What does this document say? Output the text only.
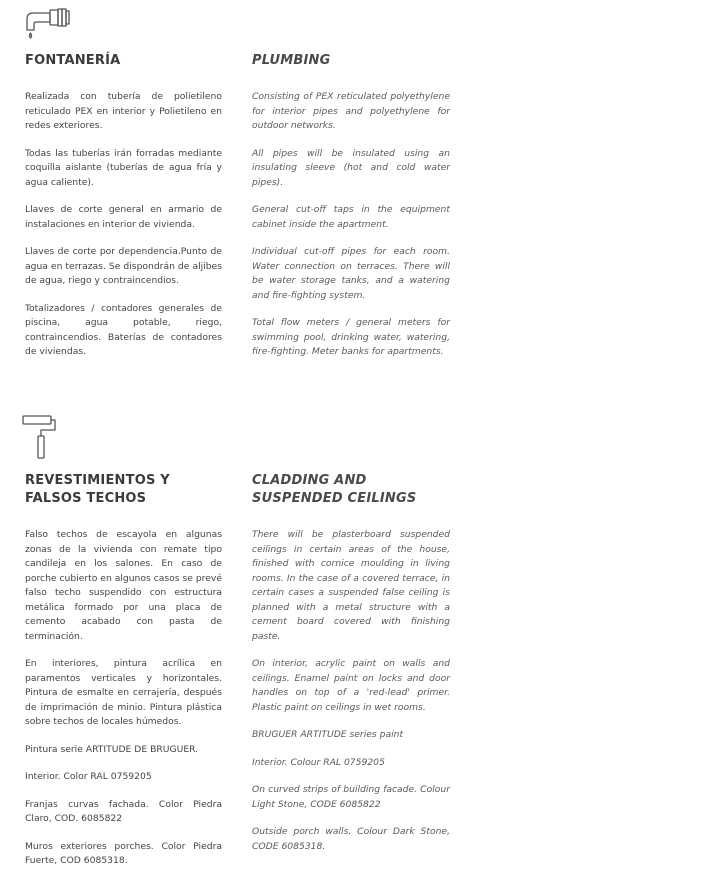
FONTANERÍA

Realizada con tubería de polietileno reticulado PEX en interior y Polietileno en redes exteriores.

Todas las tuberías irán forradas mediante coquilla aislante (tuberías de agua fría y agua caliente).

Llaves de corte general en armario de instalaciones en interior de vivienda.

Llaves de corte por dependencia.Punto de agua en terrazas. Se dispondrán de aljibes de agua, riego y contraincendios.

Totalizadores / contadores generales de piscina, agua potable, riego, contraincendios. Baterías de contadores de viviendas.

PLUMBING

Consisting of PEX reticulated polyethylene for interior pipes and polyethylene for outdoor networks.

All pipes will be insulated using an insulating sleeve (hot and cold water pipes).

General cut-off taps in the equipment cabinet inside the apartment.

Individual cut-off pipes for each room. Water connection on terraces. There will be water storage tanks, and a watering and fire-fighting system.

Total flow meters / general meters for swimming pool, drinking water, watering, fire-fighting. Meter banks for apartments.

REVESTIMIENTOS Y FALSOS TECHOS

Falso techos de escayola en algunas zonas de la vivienda con remate tipo candileja en los salones. En caso de porche cubierto en algunos casos se prevé falso techo suspendido con estructura metálica formado por una placa de cemento acabado con pasta de terminación.

En interiores, pintura acrílica en paramentos verticales y horizontales. Pintura de esmalte en cerrajería, después de imprimación de minio. Pintura plástica sobre techos de locales húmedos.

Pintura serie ARTITUDE DE BRUGUER.

Interior. Color RAL 0759205

Franjas curvas fachada. Color Piedra Claro, COD. 6085822

Muros exteriores porches. Color Piedra Fuerte, COD 6085318.

CLADDING AND SUSPENDED CEILINGS

There will be plasterboard suspended ceilings in certain areas of the house, finished with cornice moulding in living rooms. In the case of a covered terrace, in certain cases a suspended false ceiling is planned with a metal structure with a cement board covered with finishing paste.

On interior, acrylic paint on walls and ceilings. Enamel paint on locks and door handles on top of a 'red-lead' primer. Plastic paint on ceilings in wet rooms.

BRUGUER ARTITUDE series paint

Interior. Colour RAL 0759205

On curved strips of building facade. Colour Light Stone, CODE 6085822

Outside porch walls. Colour Dark Stone, CODE 6085318.
